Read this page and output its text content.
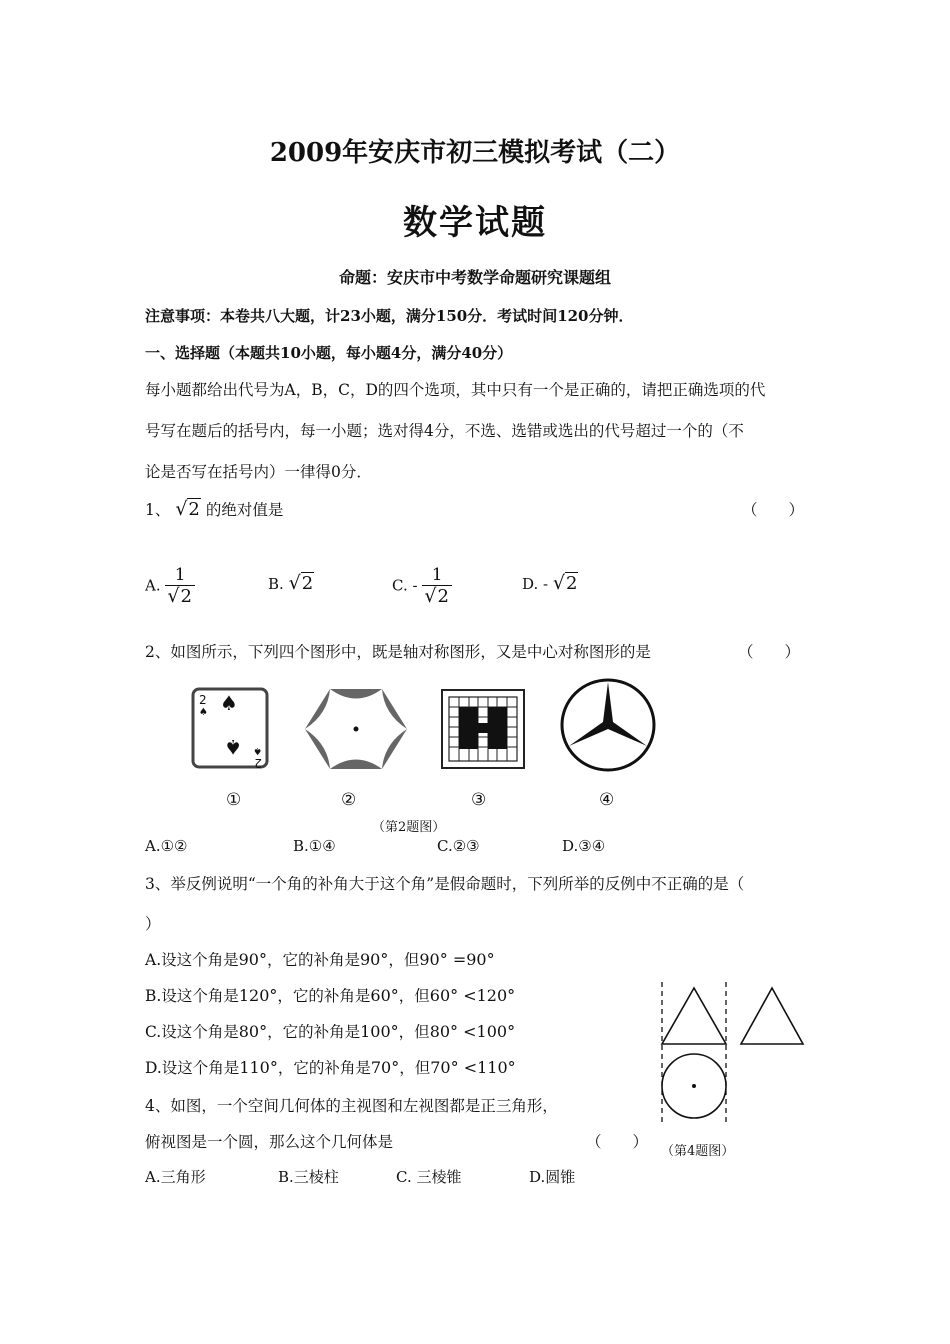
2009年安庆市初三模拟考试（二）
数学试题
命题：安庆市中考数学命题研究课题组
注意事项：本卷共八大题，计23小题，满分150分．考试时间120分钟．
一、选择题（本题共10小题，每小题4分，满分40分）
每小题都给出代号为A，B，C，D的四个选项，其中只有一个是正确的，请把正确选项的代
号写在题后的括号内，每一小题；选对得4分，不选、选错或选出的代号超过一个的（不
论是否写在括号内）一律得0分．
1、 √2 的绝对值是	（　　）
A. $\frac{1}{√2}$	B. √2	C. - $\frac{1}{√2}$	D. - √2
2、如图所示，下列四个图形中，既是轴对称图形，又是中心对称图形的是	（　　）
2
♠ ♠
♠
2
♠
①	②	③	④
（第2题图）
A.①②	B.①④	C.②③	D.③④
3、举反例说明“一个角的补角大于这个角”是假命题时，下列所举的反例中不正确的是（
）
A.设这个角是90°，它的补角是90°，但90° =90°
B.设这个角是120°，它的补角是60°，但60° <120°
C.设这个角是80°，它的补角是100°，但80° <100°
D.设这个角是110°，它的补角是70°，但70° <110°
（第4题图）
4、如图，一个空间几何体的主视图和左视图都是正三角形，
俯视图是一个圆，那么这个几何体是	（　　）
A.三角形	B.三棱柱	C. 三棱锥	D.圆锥
